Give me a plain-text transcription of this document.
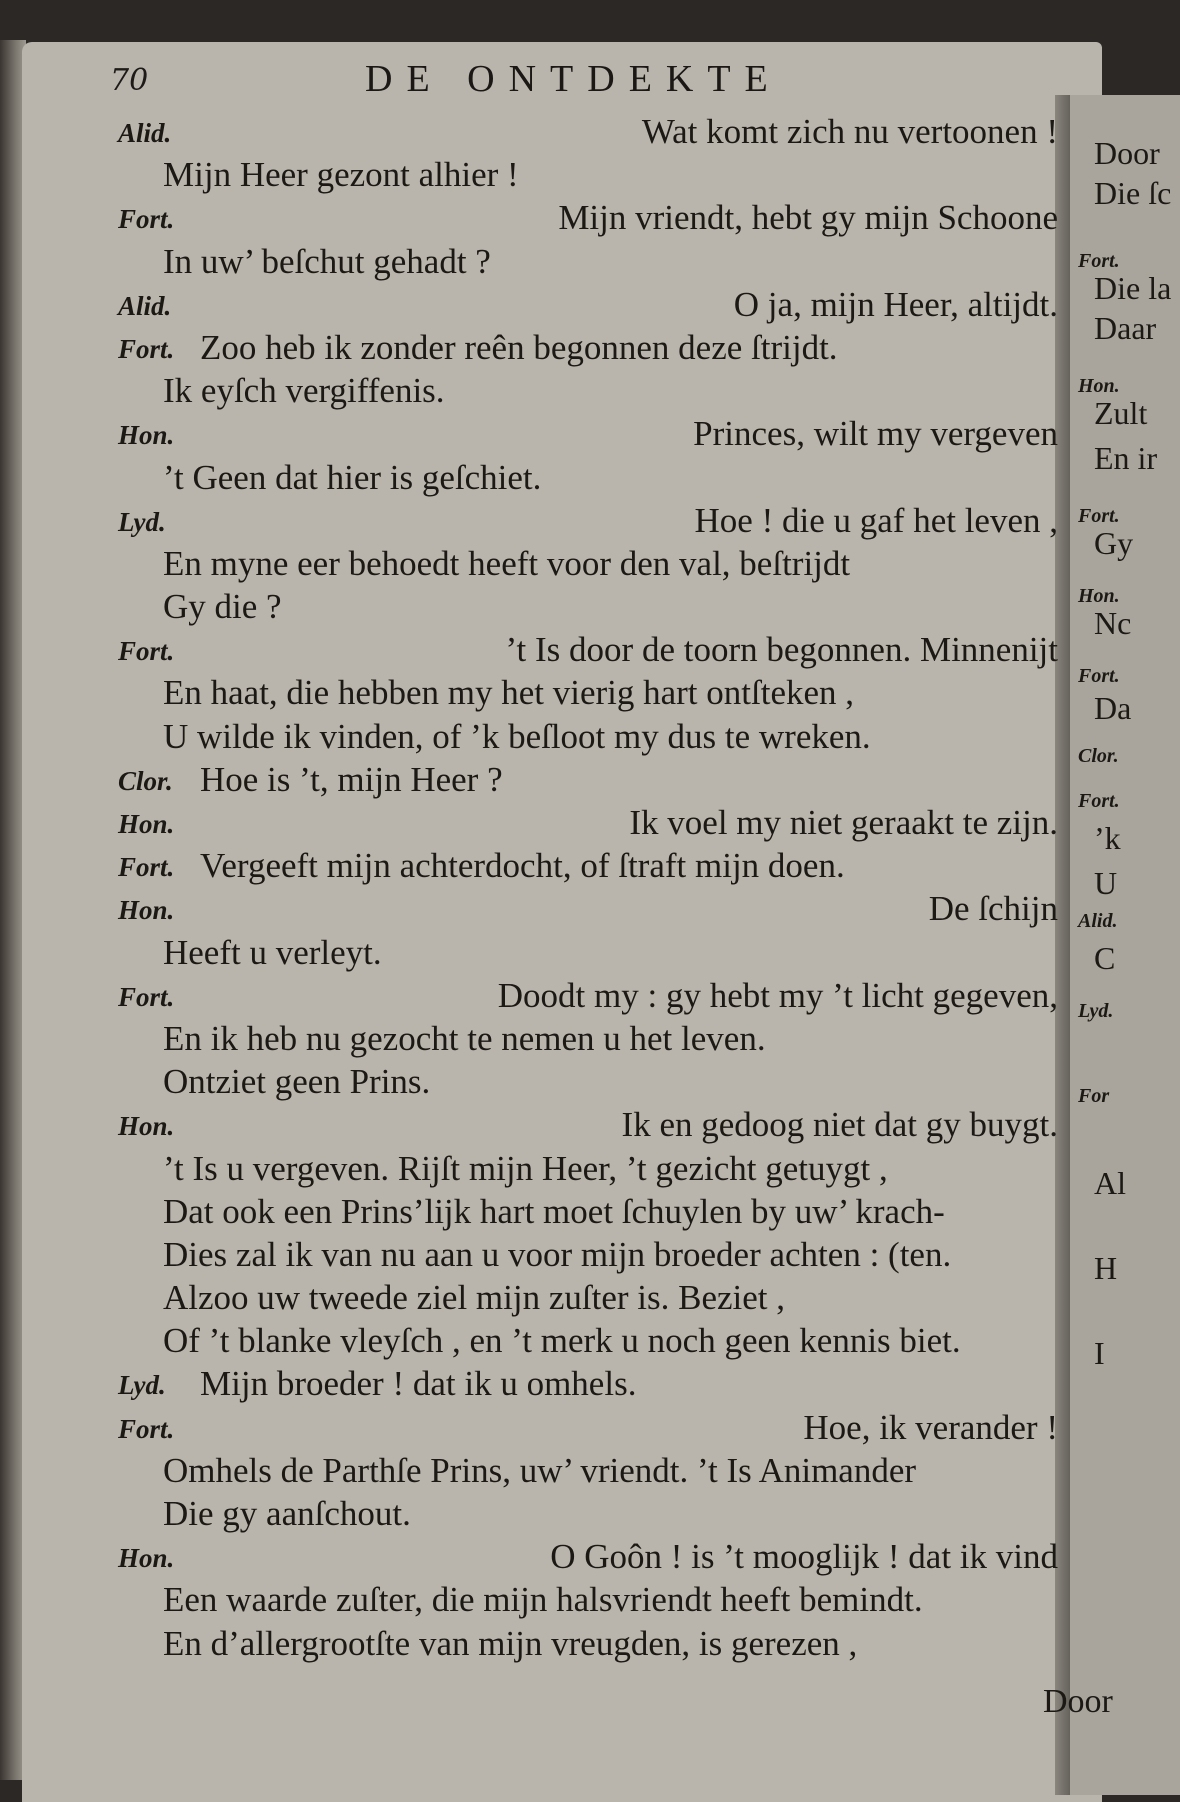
Door
Die ſc
Fort.
Die la
Daar
Hon.
Zult
En ir
Fort.
Gy
Hon.
Nc
Fort.
Da
Clor.
Fort.
’k
U
Alid.
C
Lyd.
For
Al
H
I
70	DE ONTDEKTE
Alid.	Wat komt zich nu vertoonen !
Mijn Heer gezont alhier !
Fort.	Mijn vriendt, hebt gy mijn Schoone
In uw’ beſchut gehadt ?
Alid.	O ja, mijn Heer, altijdt.
Fort. Zoo heb ik zonder reên begonnen deze ſtrijdt.
Ik eyſch vergiffenis.
Hon.	Princes, wilt my vergeven
’t Geen dat hier is geſchiet.
Lyd.	Hoe ! die u gaf het leven ,
En myne eer behoedt heeft voor den val, beſtrijdt
Gy die ?
Fort.	’t Is door de toorn begonnen. Minnenijt
En haat, die hebben my het vierig hart ontſteken ,
U wilde ik vinden, of ’k beſloot my dus te wreken.
Clor. Hoe is ’t, mijn Heer ?
Hon.	Ik voel my niet geraakt te zijn.
Fort. Vergeeft mijn achterdocht, of ſtraft mijn doen.
Hon.	De ſchijn
Heeft u verleyt.
Fort.	Doodt my : gy hebt my ’t licht gegeven,
En ik heb nu gezocht te nemen u het leven.
Ontziet geen Prins.
Hon.	Ik en gedoog niet dat gy buygt.
’t Is u vergeven. Rijſt mijn Heer, ’t gezicht getuygt ,
Dat ook een Prins’lijk hart moet ſchuylen by uw’ krach-
Dies zal ik van nu aan u voor mijn broeder achten : (ten.
Alzoo uw tweede ziel mijn zuſter is. Beziet ,
Of ’t blanke vleyſch , en ’t merk u noch geen kennis biet.
Lyd. Mijn broeder ! dat ik u omhels.
Fort.	Hoe, ik verander !
Omhels de Parthſe Prins, uw’ vriendt. ’t Is Animander
Die gy aanſchout.
Hon.	O Goôn ! is ’t mooglijk ! dat ik vind
Een waarde zuſter, die mijn halsvriendt heeft bemindt.
En d’allergrootſte van mijn vreugden, is gerezen ,
Door
